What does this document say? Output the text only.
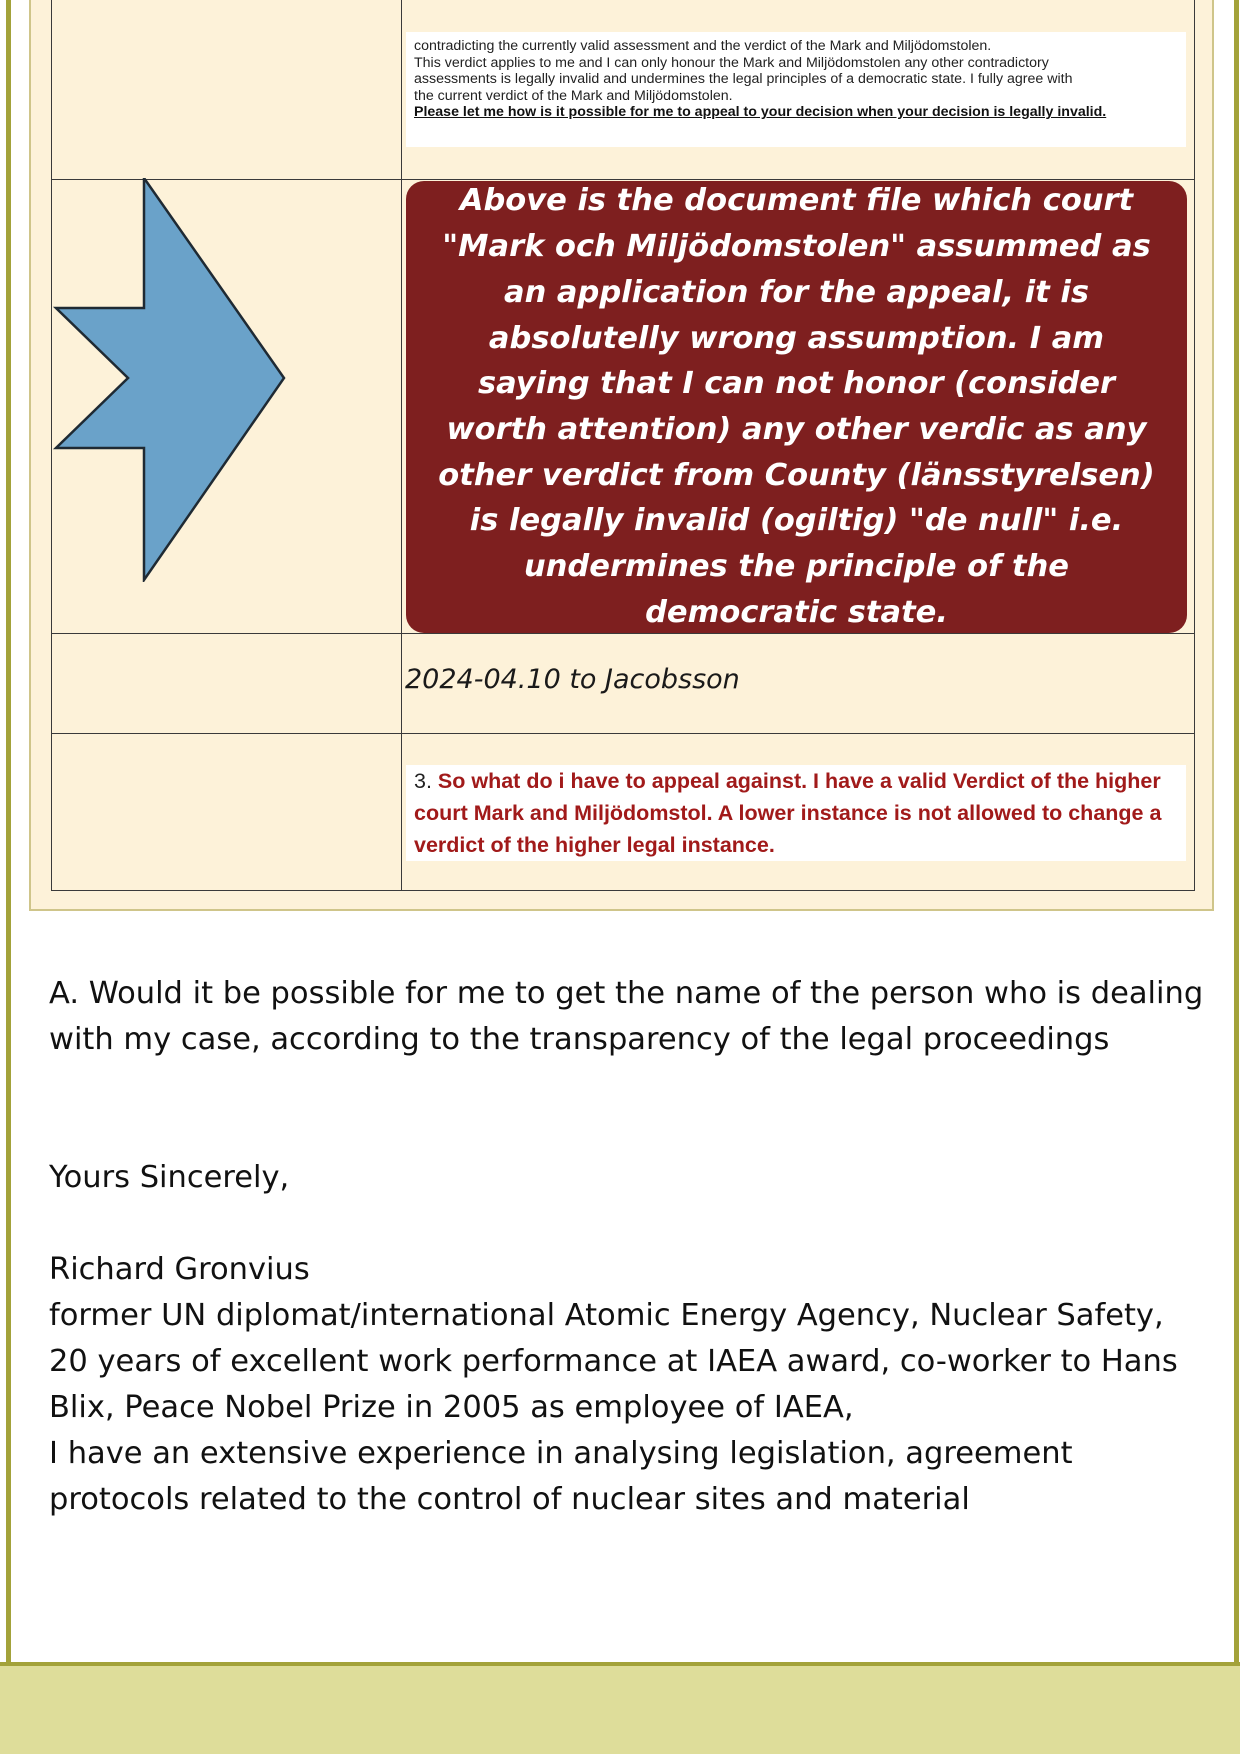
contradicting the currently valid assessment and the verdict of the Mark and Miljödomstolen.
This verdict applies to me and I can only honour the Mark and Miljödomstolen any other contradictory
assessments is legally invalid and undermines the legal principles of a democratic state. I fully agree with
the current verdict of the Mark and Miljödomstolen.
Please let me how is it possible for me to appeal to your decision when your decision is legally invalid.
Above is the document file which court "Mark och Miljödomstolen" assummed as an application for the appeal, it is absolutelly wrong assumption. I am saying that I can not honor (consider worth attention) any other verdic as any other verdict from County (länsstyrelsen) is legally invalid (ogiltig) "de null" i.e. undermines the principle of the democratic state.
2024-04.10 to Jacobsson
3. So what do i have to appeal against. I have a valid Verdict of the higher court Mark and Miljödomstol. A lower instance is not allowed to change a verdict of the higher legal instance.
A. Would it be possible for me to get the name of the person who is dealing with my case, according to the transparency of the legal proceedings
Yours Sincerely,
Richard Gronvius
former UN diplomat/international Atomic Energy Agency, Nuclear Safety, 20 years of excellent work performance at IAEA award, co-worker to Hans Blix, Peace Nobel Prize in 2005 as employee of IAEA,
I have an extensive experience in analysing legislation, agreement protocols related to the control of nuclear sites and material
